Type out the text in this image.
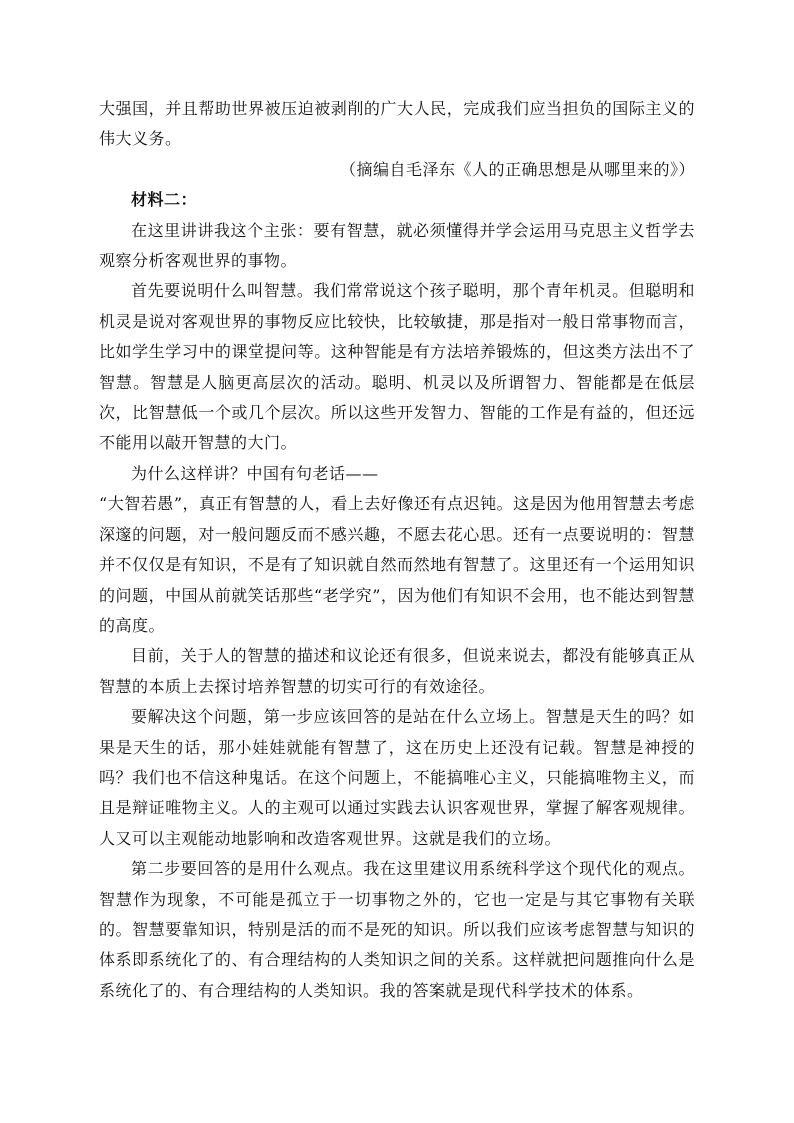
大强国，并且帮助世界被压迫被剥削的广大人民，完成我们应当担负的国际主义的伟大义务。

（摘编自毛泽东《人的正确思想是从哪里来的》）

材料二：

在这里讲讲我这个主张：要有智慧，就必须懂得并学会运用马克思主义哲学去观察分析客观世界的事物。

首先要说明什么叫智慧。我们常常说这个孩子聪明，那个青年机灵。但聪明和机灵是说对客观世界的事物反应比较快，比较敏捷，那是指对一般日常事物而言，比如学生学习中的课堂提问等。这种智能是有方法培养锻炼的，但这类方法出不了智慧。智慧是人脑更高层次的活动。聪明、机灵以及所谓智力、智能都是在低层次，比智慧低一个或几个层次。所以这些开发智力、智能的工作是有益的，但还远不能用以敲开智慧的大门。

为什么这样讲？中国有句老话——

“大智若愚”，真正有智慧的人，看上去好像还有点迟钝。这是因为他用智慧去考虑深邃的问题，对一般问题反而不感兴趣，不愿去花心思。还有一点要说明的：智慧并不仅仅是有知识，不是有了知识就自然而然地有智慧了。这里还有一个运用知识的问题，中国从前就笑话那些“老学究”，因为他们有知识不会用，也不能达到智慧的高度。

目前，关于人的智慧的描述和议论还有很多，但说来说去，都没有能够真正从智慧的本质上去探讨培养智慧的切实可行的有效途径。

要解决这个问题，第一步应该回答的是站在什么立场上。智慧是天生的吗？如果是天生的话，那小娃娃就能有智慧了，这在历史上还没有记载。智慧是神授的吗？我们也不信这种鬼话。在这个问题上，不能搞唯心主义，只能搞唯物主义，而且是辩证唯物主义。人的主观可以通过实践去认识客观世界，掌握了解客观规律。人又可以主观能动地影响和改造客观世界。这就是我们的立场。

第二步要回答的是用什么观点。我在这里建议用系统科学这个现代化的观点。智慧作为现象，不可能是孤立于一切事物之外的，它也一定是与其它事物有关联的。智慧要靠知识，特别是活的而不是死的知识。所以我们应该考虑智慧与知识的体系即系统化了的、有合理结构的人类知识之间的关系。这样就把问题推向什么是系统化了的、有合理结构的人类知识。我的答案就是现代科学技术的体系。
